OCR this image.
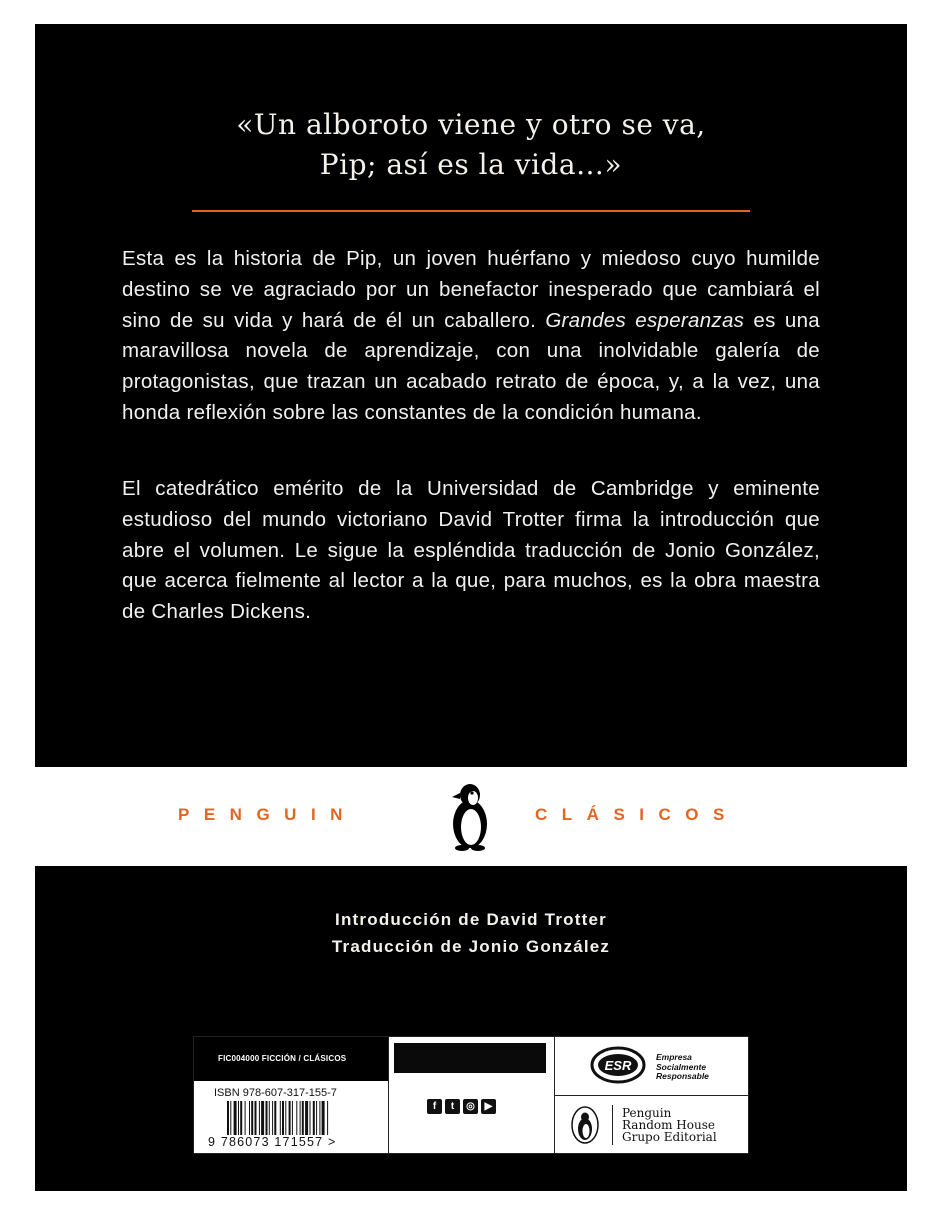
«Un alboroto viene y otro se va,
Pip; así es la vida…»

Esta es la historia de Pip, un joven huérfano y miedoso cuyo humilde destino se ve agraciado por un benefactor inesperado que cambiará el sino de su vida y hará de él un caballero. Grandes esperanzas es una maravillosa novela de aprendizaje, con una inolvidable galería de protagonistas, que trazan un acabado retrato de época, y, a la vez, una honda reflexión sobre las constantes de la condición humana.

El catedrático emérito de la Universidad de Cambridge y eminente estudioso del mundo victoriano David Trotter firma la introducción que abre el volumen. Le sigue la espléndida traducción de Jonio González, que acerca fielmente al lector a la que, para muchos, es la obra maestra de Charles Dickens.

PENGUIN	CLÁSICOS
Introducción de David Trotter
Traducción de Jonio González
FIC004000 FICCIÓN / CLÁSICOS
ISBN 978-607-317-155-7
9 786073 171557 >
f	t	◎ ▶
ESR
Empresa
Socialmente
Responsable
Penguin
Random House
Grupo Editorial
